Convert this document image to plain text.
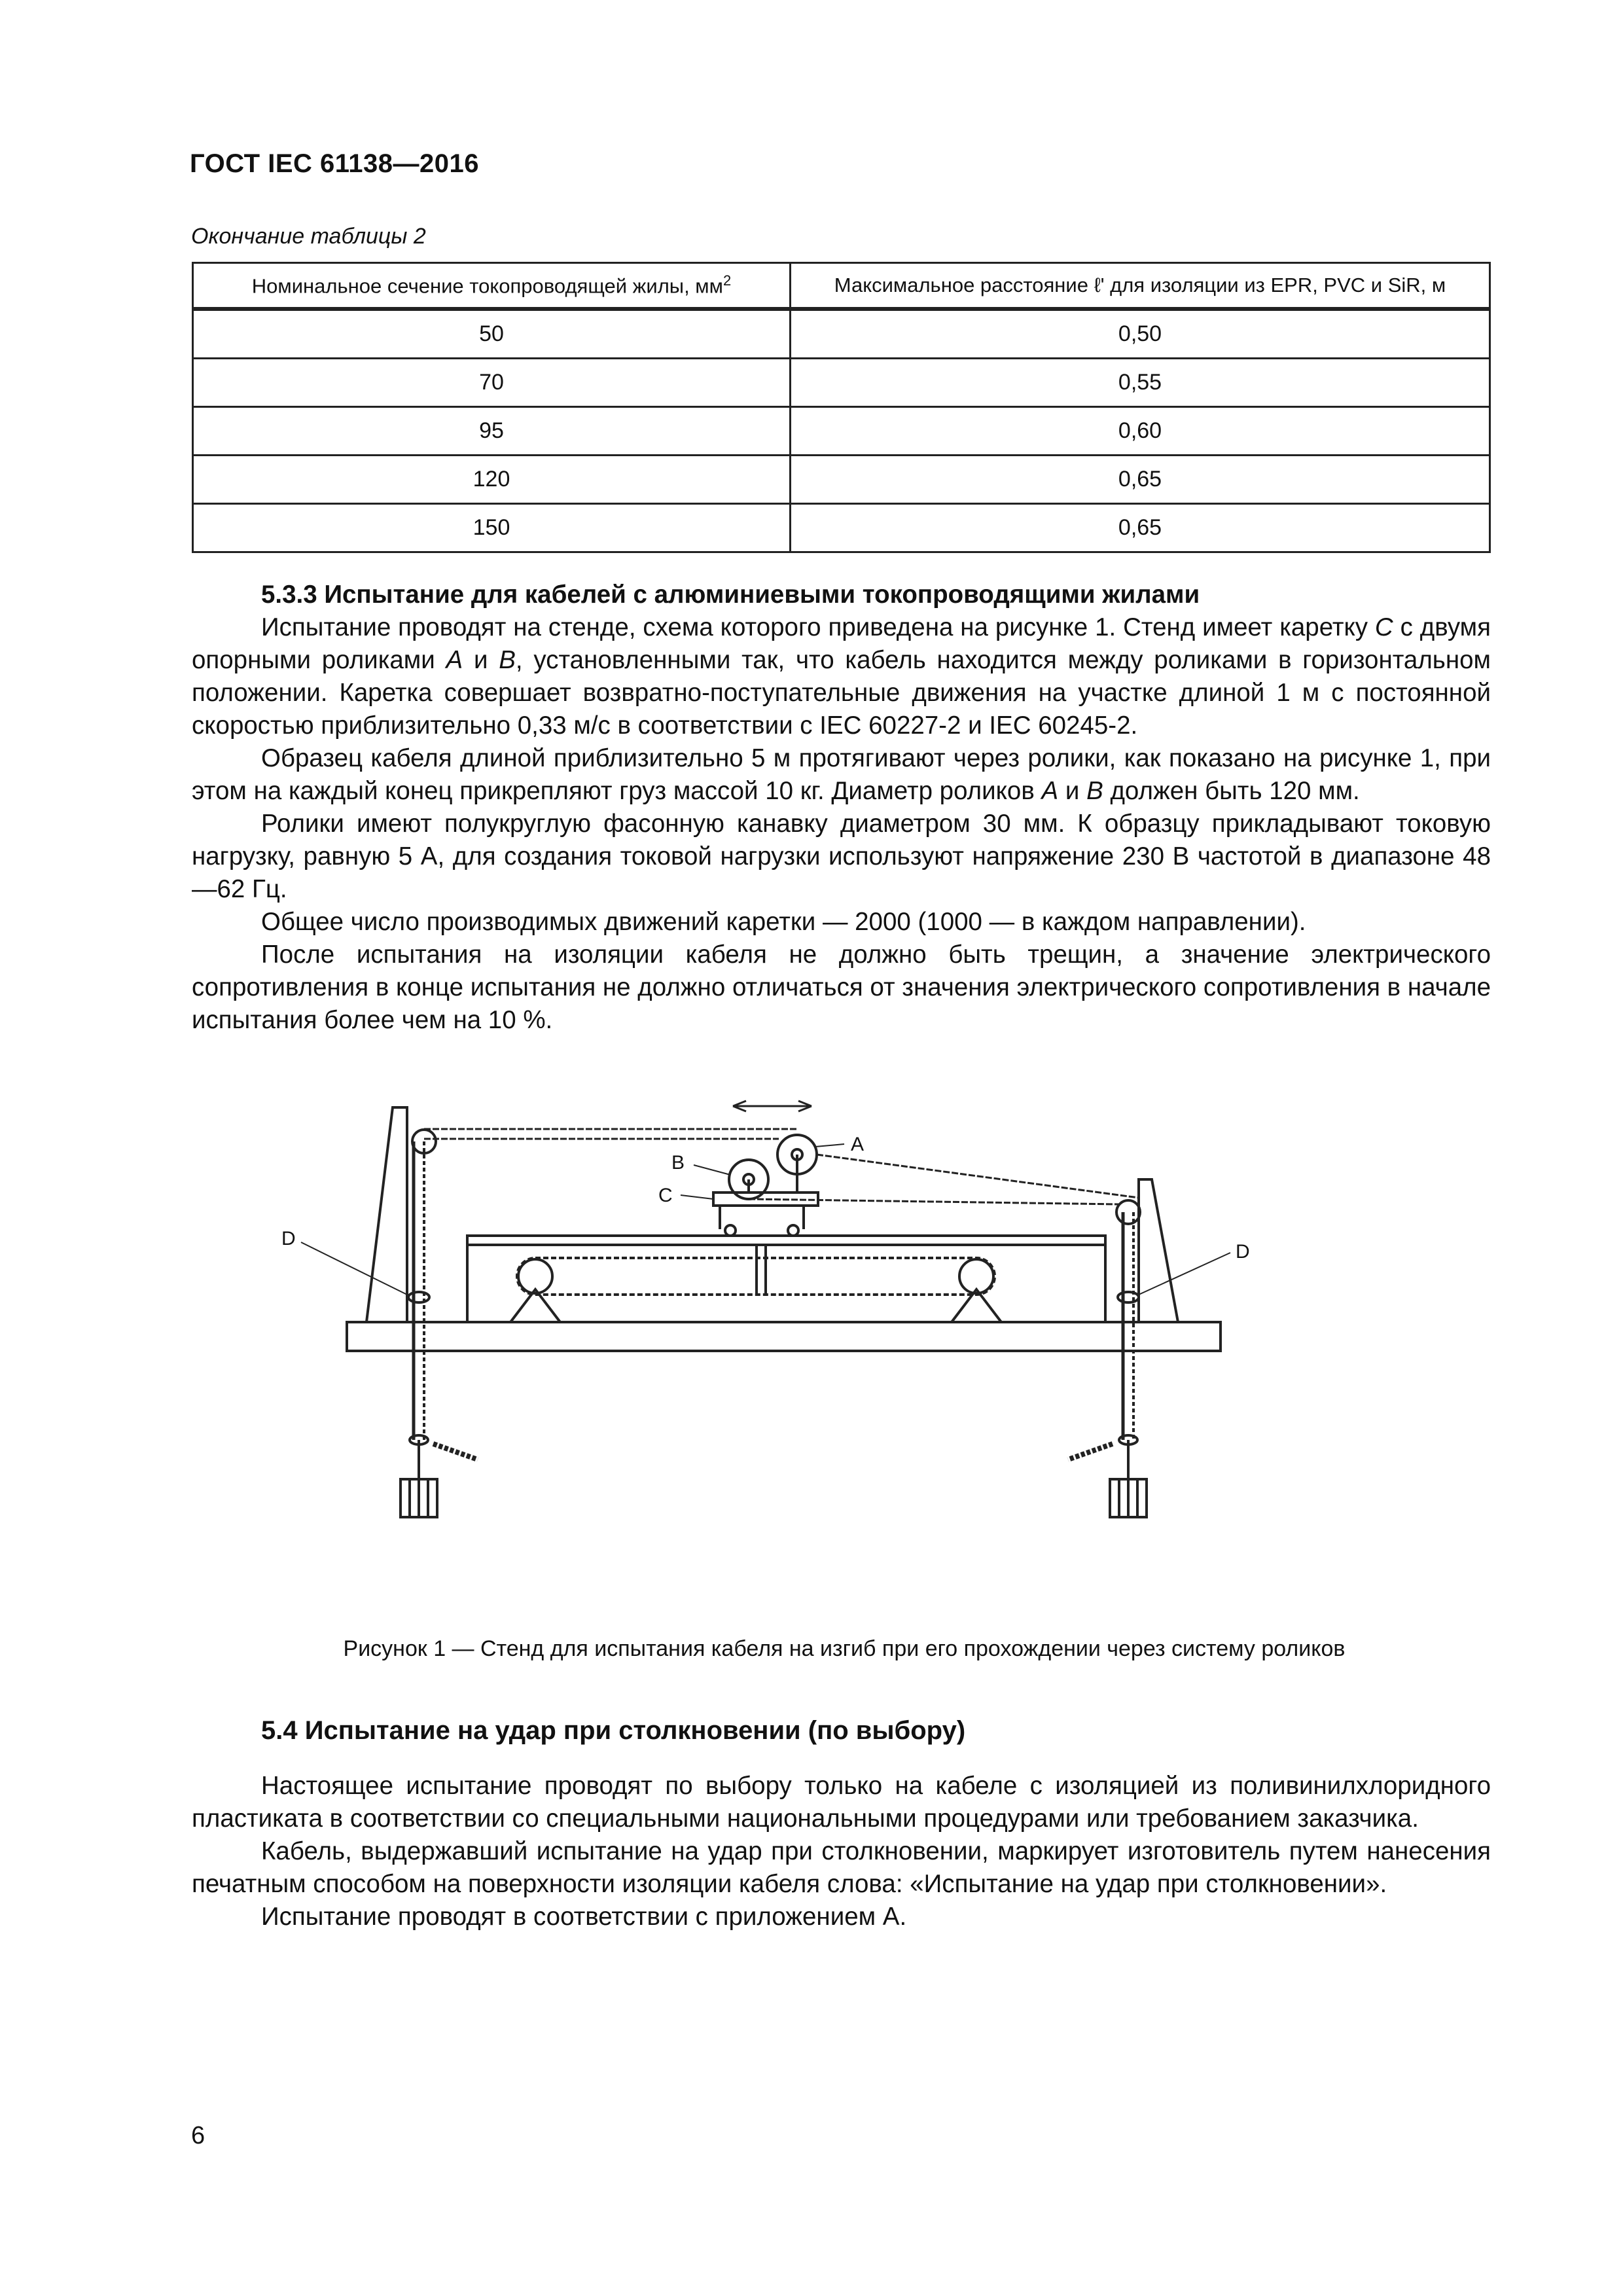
ГОСТ IEC 61138—2016
Окончание таблицы 2
Номинальное сечение токопроводящей жилы, $мм^2$	Максимальное расстояние ℓ' для изоляции из EPR, PVC и SiR, м
50	0,50
70	0,55
95	0,60
120	0,65
150	0,65

5.3.3 Испытание для кабелей с алюминиевыми токопроводящими жилами

Испытание проводят на стенде, схема которого приведена на рисунке 1. Стенд имеет каретку C с двумя опорными роликами A и B, установленными так, что кабель находится между роликами в горизонтальном положении. Каретка совершает возвратно-поступательные движения на участке длиной 1 м с постоянной скоростью приблизительно 0,33 м/с в соответствии с IEC 60227-2 и IEC 60245-2.

Образец кабеля длиной приблизительно 5 м протягивают через ролики, как показано на рисунке 1, при этом на каждый конец прикрепляют груз массой 10 кг. Диаметр роликов A и B должен быть 120 мм.

Ролики имеют полукруглую фасонную канавку диаметром 30 мм. К образцу прикладывают токовую нагрузку, равную 5 А, для создания токовой нагрузки используют напряжение 230 В частотой в диапазоне 48—62 Гц.

Общее число производимых движений каретки — 2000 (1000 — в каждом направлении).

После испытания на изоляции кабеля не должно быть трещин, а значение электрического сопротивления в конце испытания не должно отличаться от значения электрического сопротивления в начале испытания более чем на 10 %.

A
B
C
D
D
Рисунок 1 — Стенд для испытания кабеля на изгиб при его прохождении через систему роликов
5.4 Испытание на удар при столкновении (по выбору)

Настоящее испытание проводят по выбору только на кабеле с изоляцией из поливинилхлоридного пластиката в соответствии со специальными национальными процедурами или требованием заказчика.

Кабель, выдержавший испытание на удар при столкновении, маркирует изготовитель путем нанесения печатным способом на поверхности изоляции кабеля слова: «Испытание на удар при столкновении».

Испытание проводят в соответствии с приложением А.

6
